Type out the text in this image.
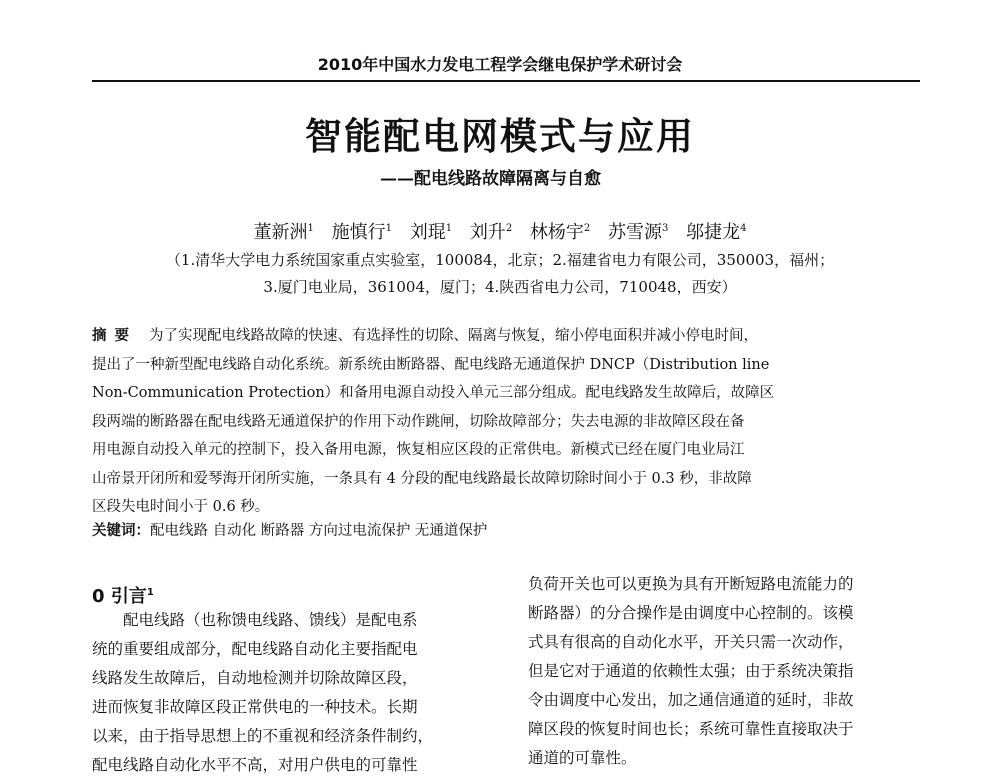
2010年中国水力发电工程学会继电保护学术研讨会
智能配电网模式与应用
——配电线路故障隔离与自愈
董新洲$^1$ 施慎行$^1$ 刘琨$^1$ 刘升$^2$ 林杨宇$^2$ 苏雪源$^3$ 邬捷龙$^4$
（1.清华大学电力系统国家重点实验室，100084，北京；2.福建省电力有限公司，350003，福州；
3.厦门电业局，361004，厦门；4.陕西省电力公司，710048，西安）
摘要 为了实现配电线路故障的快速、有选择性的切除、隔离与恢复，缩小停电面积并减小停电时间，
提出了一种新型配电线路自动化系统。新系统由断路器、配电线路无通道保护 DNCP（Distribution line
Non-Communication Protection）和备用电源自动投入单元三部分组成。配电线路发生故障后，故障区
段两端的断路器在配电线路无通道保护的作用下动作跳闸，切除故障部分；失去电源的非故障区段在备
用电源自动投入单元的控制下，投入备用电源，恢复相应区段的正常供电。新模式已经在厦门电业局江
山帝景开闭所和爱琴海开闭所实施，一条具有 4 分段的配电线路最长故障切除时间小于 0.3 秒，非故障
区段失电时间小于 0.6 秒。
关键词：配电线路 自动化 断路器 方向过电流保护 无通道保护
0 引言$^1$
　　配电线路（也称馈电线路、馈线）是配电系
统的重要组成部分，配电线路自动化主要指配电
线路发生故障后，自动地检测并切除故障区段，
进而恢复非故障区段正常供电的一种技术。长期
以来，由于指导思想上的不重视和经济条件制约，
配电线路自动化水平不高，对用户供电的可靠性
负荷开关也可以更换为具有开断短路电流能力的
断路器）的分合操作是由调度中心控制的。该模
式具有很高的自动化水平，开关只需一次动作，
但是它对于通道的依赖性太强；由于系统决策指
令由调度中心发出，加之通信通道的延时，非故
障区段的恢复时间也长；系统可靠性直接取决于
通道的可靠性。
